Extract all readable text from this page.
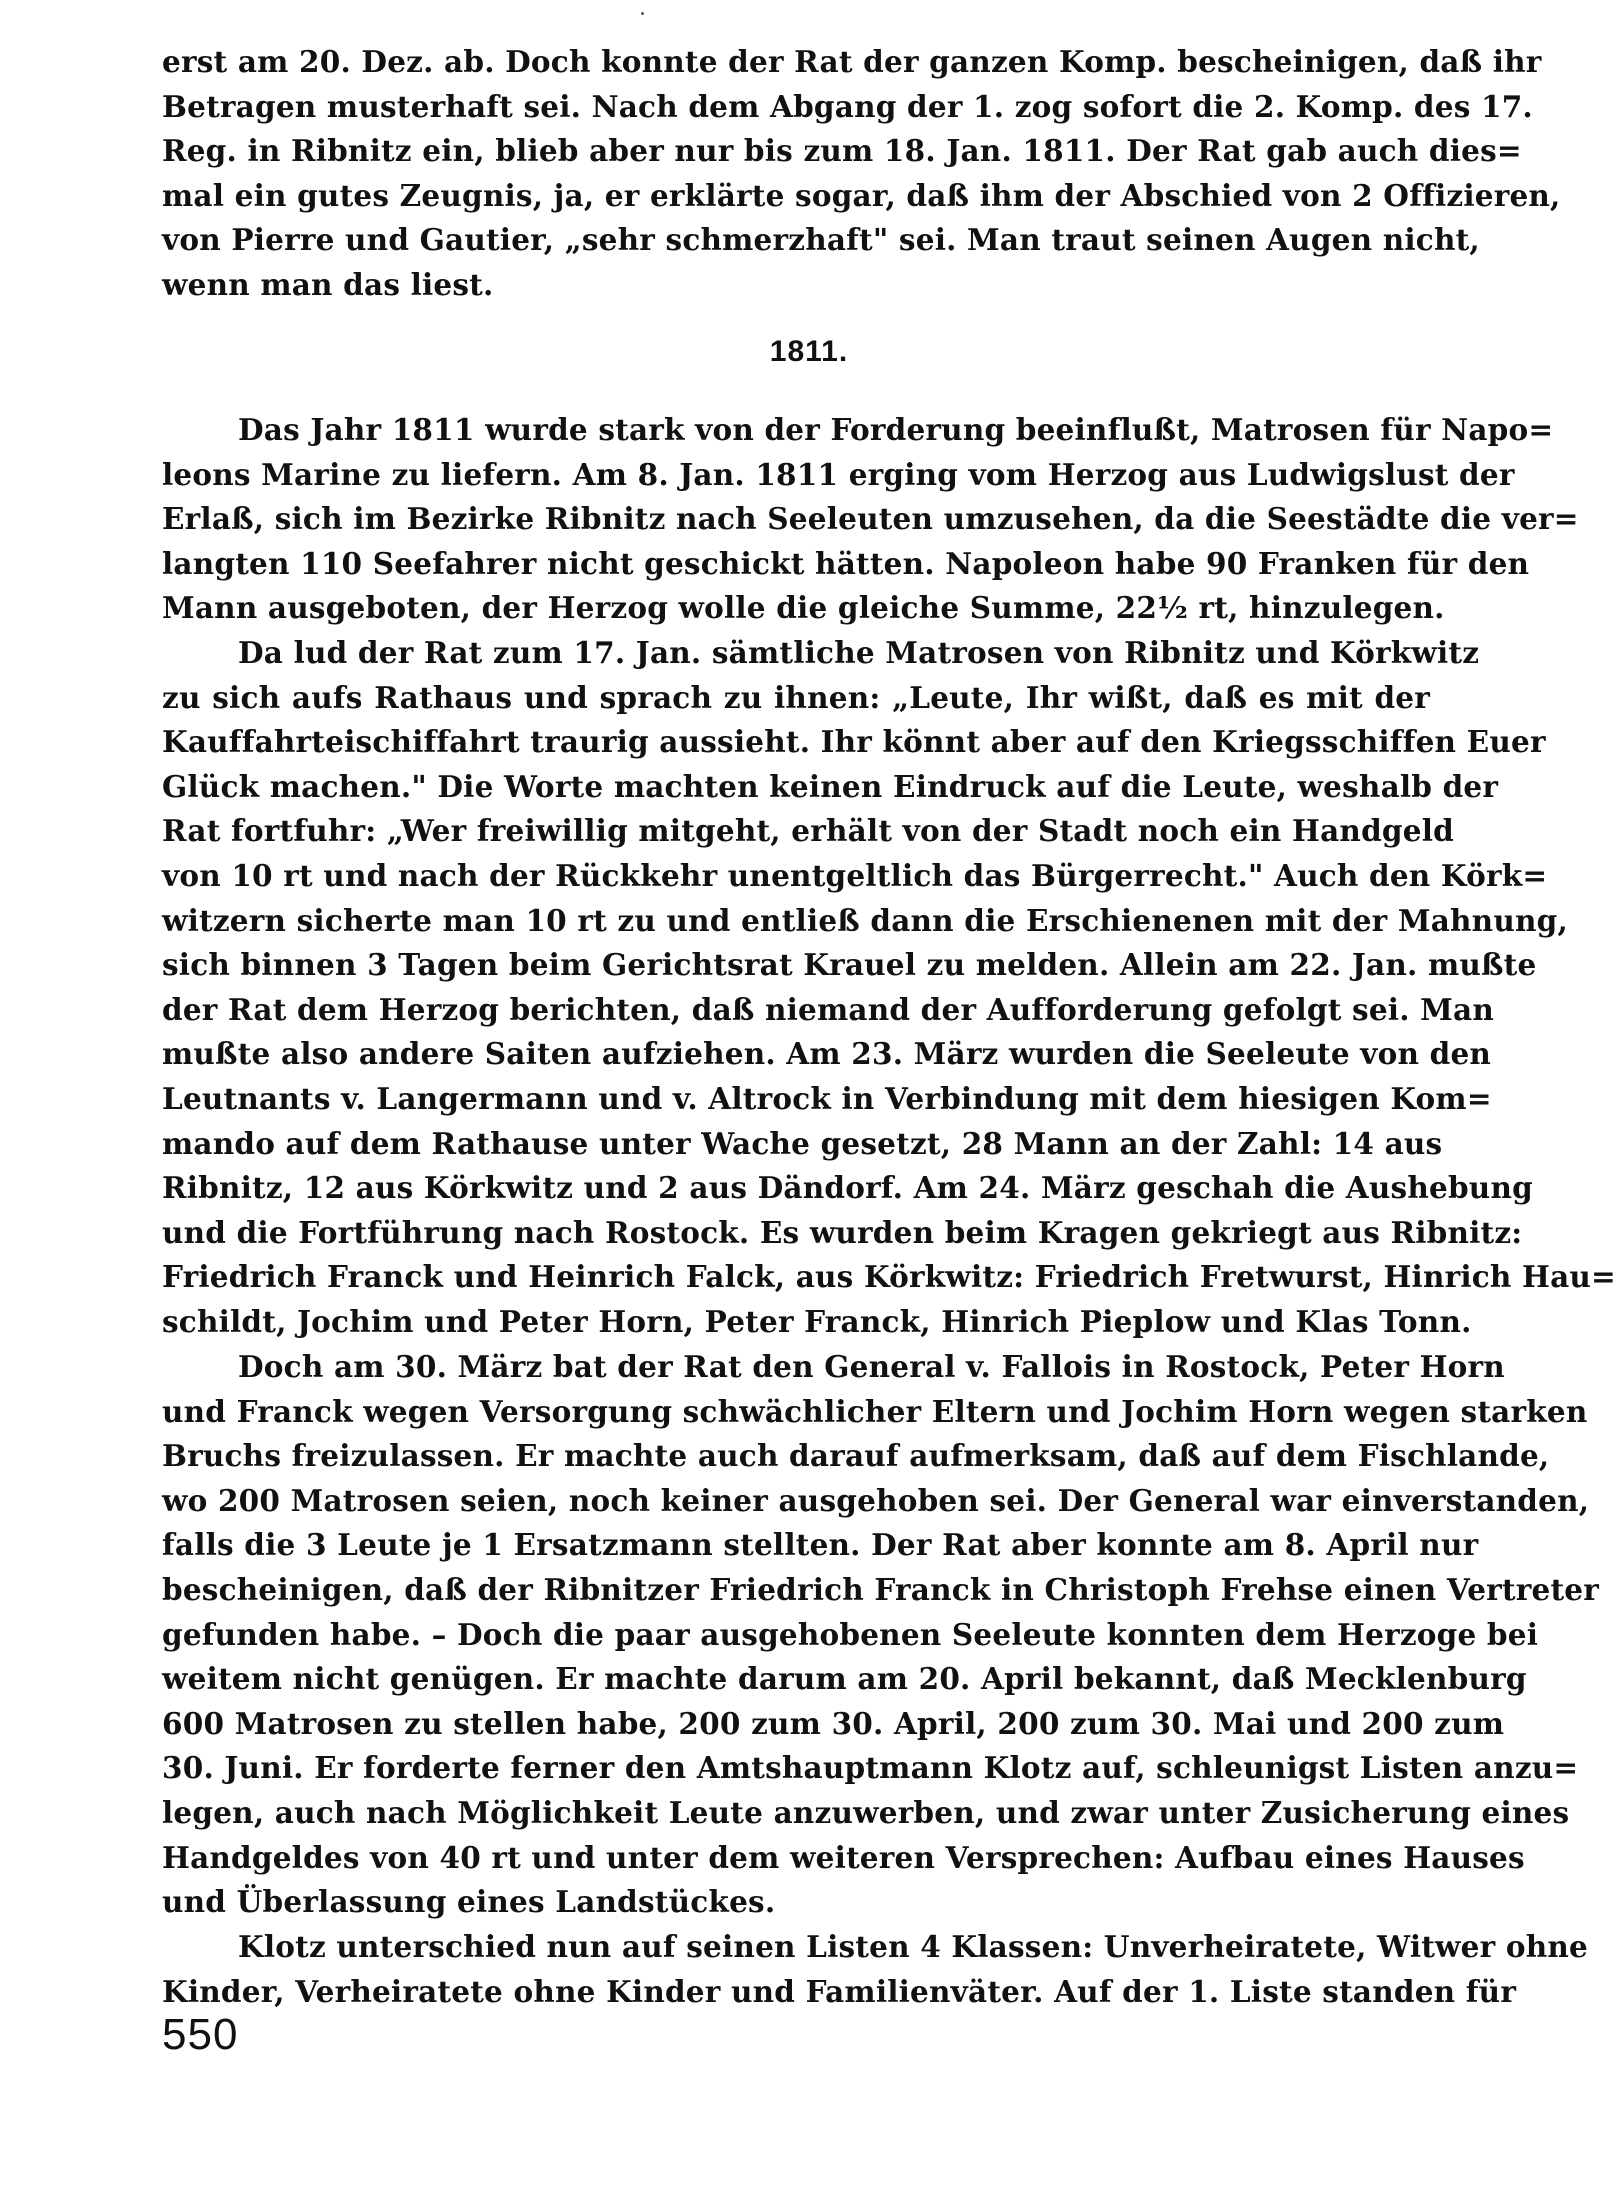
erst am 20. Dez. ab. Doch konnte der Rat der ganzen Komp. bescheinigen, daß ihr
Betragen musterhaft sei. Nach dem Abgang der 1. zog sofort die 2. Komp. des 17.
Reg. in Ribnitz ein, blieb aber nur bis zum 18. Jan. 1811. Der Rat gab auch dies=
mal ein gutes Zeugnis, ja, er erklärte sogar, daß ihm der Abschied von 2 Offizieren,
von Pierre und Gautier, „sehr schmerzhaft" sei. Man traut seinen Augen nicht,
wenn man das liest.
1811.
Das Jahr 1811 wurde stark von der Forderung beeinflußt, Matrosen für Napo=
leons Marine zu liefern. Am 8. Jan. 1811 erging vom Herzog aus Ludwigslust der
Erlaß, sich im Bezirke Ribnitz nach Seeleuten umzusehen, da die Seestädte die ver=
langten 110 Seefahrer nicht geschickt hätten. Napoleon habe 90 Franken für den
Mann ausgeboten, der Herzog wolle die gleiche Summe, 22½ rt, hinzulegen.
Da lud der Rat zum 17. Jan. sämtliche Matrosen von Ribnitz und Körkwitz
zu sich aufs Rathaus und sprach zu ihnen: „Leute, Ihr wißt, daß es mit der
Kauffahrteischiffahrt traurig aussieht. Ihr könnt aber auf den Kriegsschiffen Euer
Glück machen." Die Worte machten keinen Eindruck auf die Leute, weshalb der
Rat fortfuhr: „Wer freiwillig mitgeht, erhält von der Stadt noch ein Handgeld
von 10 rt und nach der Rückkehr unentgeltlich das Bürgerrecht." Auch den Körk=
witzern sicherte man 10 rt zu und entließ dann die Erschienenen mit der Mahnung,
sich binnen 3 Tagen beim Gerichtsrat Krauel zu melden. Allein am 22. Jan. mußte
der Rat dem Herzog berichten, daß niemand der Aufforderung gefolgt sei. Man
mußte also andere Saiten aufziehen. Am 23. März wurden die Seeleute von den
Leutnants v. Langermann und v. Altrock in Verbindung mit dem hiesigen Kom=
mando auf dem Rathause unter Wache gesetzt, 28 Mann an der Zahl: 14 aus
Ribnitz, 12 aus Körkwitz und 2 aus Dändorf. Am 24. März geschah die Aushebung
und die Fortführung nach Rostock. Es wurden beim Kragen gekriegt aus Ribnitz:
Friedrich Franck und Heinrich Falck, aus Körkwitz: Friedrich Fretwurst, Hinrich Hau=
schildt, Jochim und Peter Horn, Peter Franck, Hinrich Pieplow und Klas Tonn.
Doch am 30. März bat der Rat den General v. Fallois in Rostock, Peter Horn
und Franck wegen Versorgung schwächlicher Eltern und Jochim Horn wegen starken
Bruchs freizulassen. Er machte auch darauf aufmerksam, daß auf dem Fischlande,
wo 200 Matrosen seien, noch keiner ausgehoben sei. Der General war einverstanden,
falls die 3 Leute je 1 Ersatzmann stellten. Der Rat aber konnte am 8. April nur
bescheinigen, daß der Ribnitzer Friedrich Franck in Christoph Frehse einen Vertreter
gefunden habe. – Doch die paar ausgehobenen Seeleute konnten dem Herzoge bei
weitem nicht genügen. Er machte darum am 20. April bekannt, daß Mecklenburg
600 Matrosen zu stellen habe, 200 zum 30. April, 200 zum 30. Mai und 200 zum
30. Juni. Er forderte ferner den Amtshauptmann Klotz auf, schleunigst Listen anzu=
legen, auch nach Möglichkeit Leute anzuwerben, und zwar unter Zusicherung eines
Handgeldes von 40 rt und unter dem weiteren Versprechen: Aufbau eines Hauses
und Überlassung eines Landstückes.
Klotz unterschied nun auf seinen Listen 4 Klassen: Unverheiratete, Witwer ohne
Kinder, Verheiratete ohne Kinder und Familienväter. Auf der 1. Liste standen für
550
